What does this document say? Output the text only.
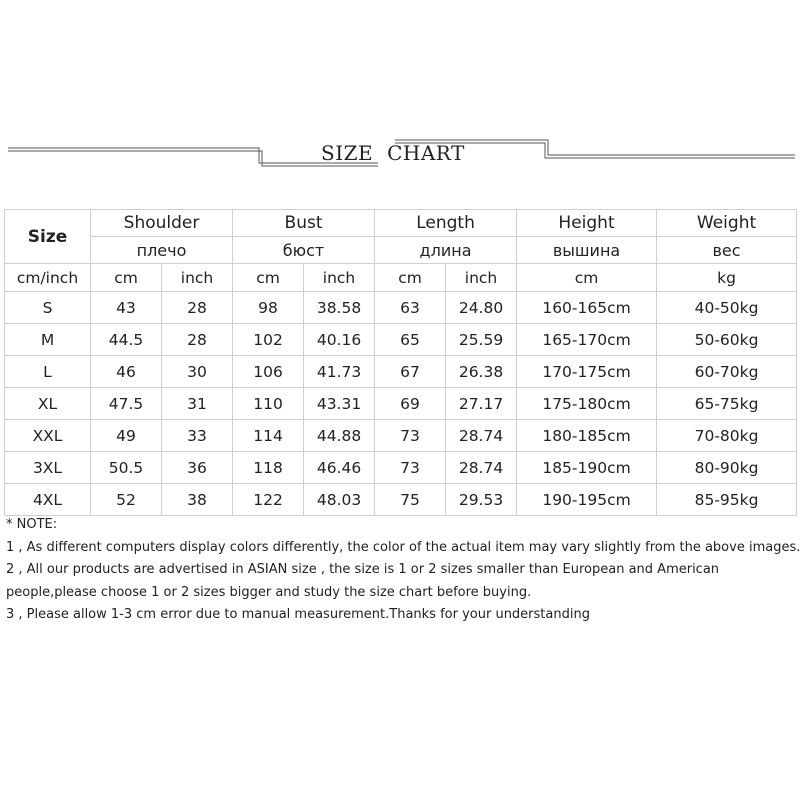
SIZE CHART
Size	Shoulder		Bust		Length		Height	Weight
	плечо		бюст		длина		вышина	вес
cm/inch	cm	inch	cm	inch	cm	inch	cm	kg
S	43	28	98	38.58	63	24.80	160-165cm	40-50kg
M	44.5	28	102	40.16	65	25.59	165-170cm	50-60kg
L	46	30	106	41.73	67	26.38	170-175cm	60-70kg
XL	47.5	31	110	43.31	69	27.17	175-180cm	65-75kg
XXL	49	33	114	44.88	73	28.74	180-185cm	70-80kg
3XL	50.5	36	118	46.46	73	28.74	185-190cm	80-90kg
4XL	52	38	122	48.03	75	29.53	190-195cm	85-95kg
* NOTE:
1 , As different computers display colors differently, the color of the actual item may vary slightly from the above images.
2 , All our products are advertised in ASIAN size , the size is 1 or 2 sizes smaller than European and American
people,please choose 1 or 2 sizes bigger and study the size chart before buying.
3 , Please allow 1-3 cm error due to manual measurement.Thanks for your understanding
